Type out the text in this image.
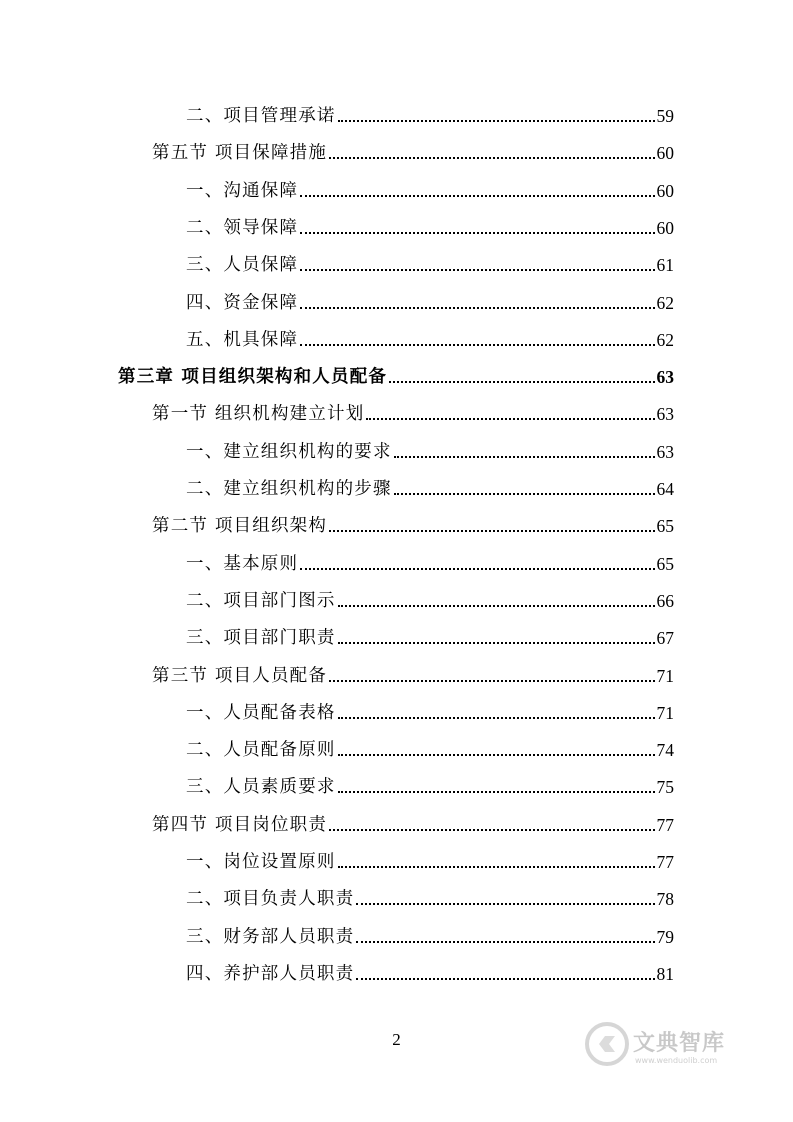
二、项目管理承诺	59
第五节 项目保障措施	60
一、沟通保障	60
二、领导保障	60
三、人员保障	61
四、资金保障	62
五、机具保障	62
第三章 项目组织架构和人员配备	63
第一节 组织机构建立计划	63
一、建立组织机构的要求	63
二、建立组织机构的步骤	64
第二节 项目组织架构	65
一、基本原则	65
二、项目部门图示	66
三、项目部门职责	67
第三节 项目人员配备	71
一、人员配备表格	71
二、人员配备原则	74
三、人员素质要求	75
第四节 项目岗位职责	77
一、岗位设置原则	77
二、项目负责人职责	78
三、财务部人员职责	79
四、养护部人员职责	81
2	文典智库
www.wenduolib.com
